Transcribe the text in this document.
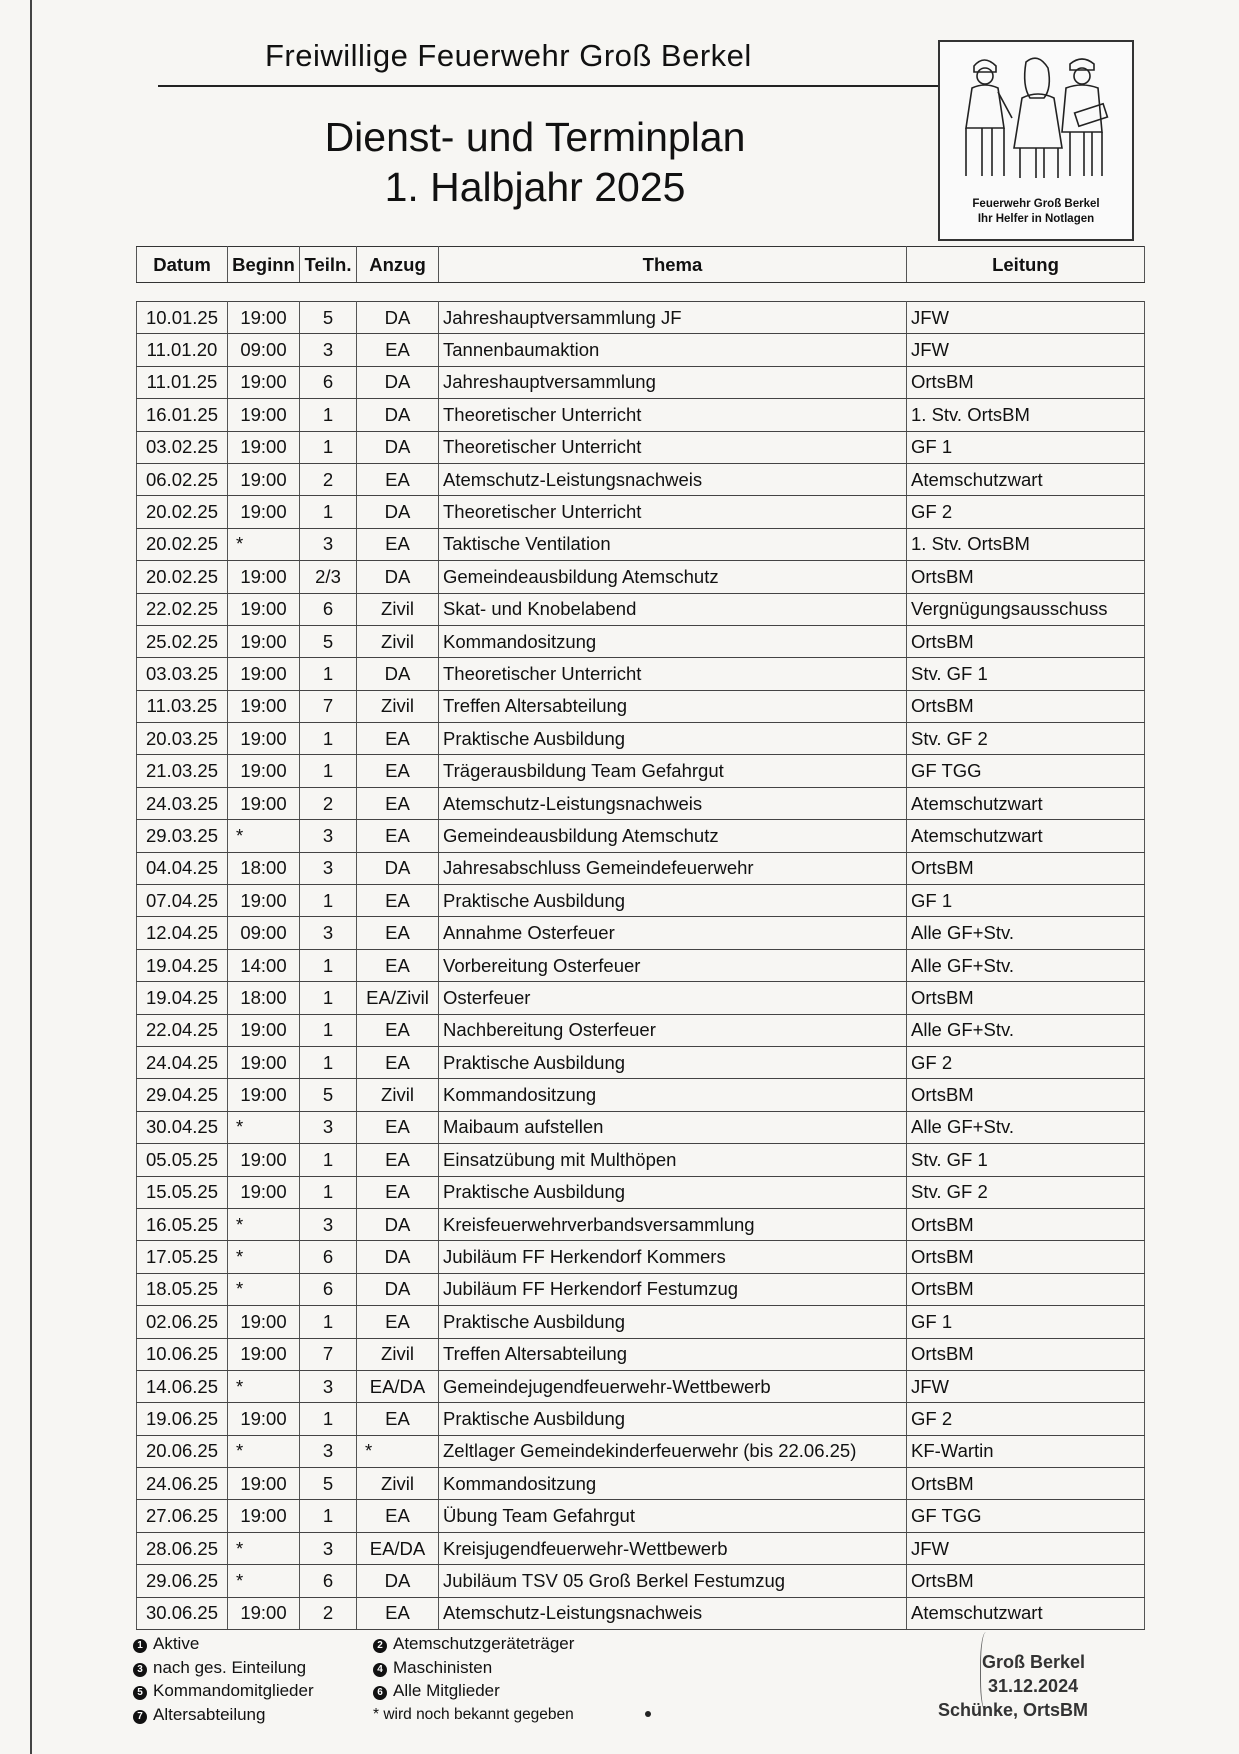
Freiwillige Feuerwehr Groß Berkel
Dienst- und Terminplan
1. Halbjahr 2025	Feuerwehr Groß Berkel
Ihr Helfer in Notlagen
Datum	Beginn	Teiln.	Anzug	Thema	Leitung

10.01.25	19:00	5	DA	Jahreshauptversammlung JF	JFW
11.01.20	09:00	3	EA	Tannenbaumaktion	JFW
11.01.25	19:00	6	DA	Jahreshauptversammlung	OrtsBM
16.01.25	19:00	1	DA	Theoretischer Unterricht	1. Stv. OrtsBM
03.02.25	19:00	1	DA	Theoretischer Unterricht	GF 1
06.02.25	19:00	2	EA	Atemschutz-Leistungsnachweis	Atemschutzwart
20.02.25	19:00	1	DA	Theoretischer Unterricht	GF 2
20.02.25	*	3	EA	Taktische Ventilation	1. Stv. OrtsBM
20.02.25	19:00	2/3	DA	Gemeindeausbildung Atemschutz	OrtsBM
22.02.25	19:00	6	Zivil	Skat- und Knobelabend	Vergnügungsausschuss
25.02.25	19:00	5	Zivil	Kommandositzung	OrtsBM
03.03.25	19:00	1	DA	Theoretischer Unterricht	Stv. GF 1
11.03.25	19:00	7	Zivil	Treffen Altersabteilung	OrtsBM
20.03.25	19:00	1	EA	Praktische Ausbildung	Stv. GF 2
21.03.25	19:00	1	EA	Trägerausbildung Team Gefahrgut	GF TGG
24.03.25	19:00	2	EA	Atemschutz-Leistungsnachweis	Atemschutzwart
29.03.25	*	3	EA	Gemeindeausbildung Atemschutz	Atemschutzwart
04.04.25	18:00	3	DA	Jahresabschluss Gemeindefeuerwehr	OrtsBM
07.04.25	19:00	1	EA	Praktische Ausbildung	GF 1
12.04.25	09:00	3	EA	Annahme Osterfeuer	Alle GF+Stv.
19.04.25	14:00	1	EA	Vorbereitung Osterfeuer	Alle GF+Stv.
19.04.25	18:00	1	EA/Zivil	Osterfeuer	OrtsBM
22.04.25	19:00	1	EA	Nachbereitung Osterfeuer	Alle GF+Stv.
24.04.25	19:00	1	EA	Praktische Ausbildung	GF 2
29.04.25	19:00	5	Zivil	Kommandositzung	OrtsBM
30.04.25	*	3	EA	Maibaum aufstellen	Alle GF+Stv.
05.05.25	19:00	1	EA	Einsatzübung mit Multhöpen	Stv. GF 1
15.05.25	19:00	1	EA	Praktische Ausbildung	Stv. GF 2
16.05.25	*	3	DA	Kreisfeuerwehrverbandsversammlung	OrtsBM
17.05.25	*	6	DA	Jubiläum FF Herkendorf Kommers	OrtsBM
18.05.25	*	6	DA	Jubiläum FF Herkendorf Festumzug	OrtsBM
02.06.25	19:00	1	EA	Praktische Ausbildung	GF 1
10.06.25	19:00	7	Zivil	Treffen Altersabteilung	OrtsBM
14.06.25	*	3	EA/DA	Gemeindejugendfeuerwehr-Wettbewerb	JFW
19.06.25	19:00	1	EA	Praktische Ausbildung	GF 2
20.06.25	*	3	*	Zeltlager Gemeindekinderfeuerwehr (bis 22.06.25)	KF-Wartin
24.06.25	19:00	5	Zivil	Kommandositzung	OrtsBM
27.06.25	19:00	1	EA	Übung Team Gefahrgut	GF TGG
28.06.25	*	3	EA/DA	Kreisjugendfeuerwehr-Wettbewerb	JFW
29.06.25	*	6	DA	Jubiläum TSV 05 Groß Berkel Festumzug	OrtsBM
30.06.25	19:00	2	EA	Atemschutz-Leistungsnachweis	Atemschutzwart
1 Aktive
3 nach ges. Einteilung
5 Kommandomitglieder
7 Altersabteilung
2 Atemschutzgeräteträger
4 Maschinisten
6 Alle Mitglieder
* wird noch bekannt gegeben
Groß Berkel
31.12.2024
Schünke, OrtsBM
